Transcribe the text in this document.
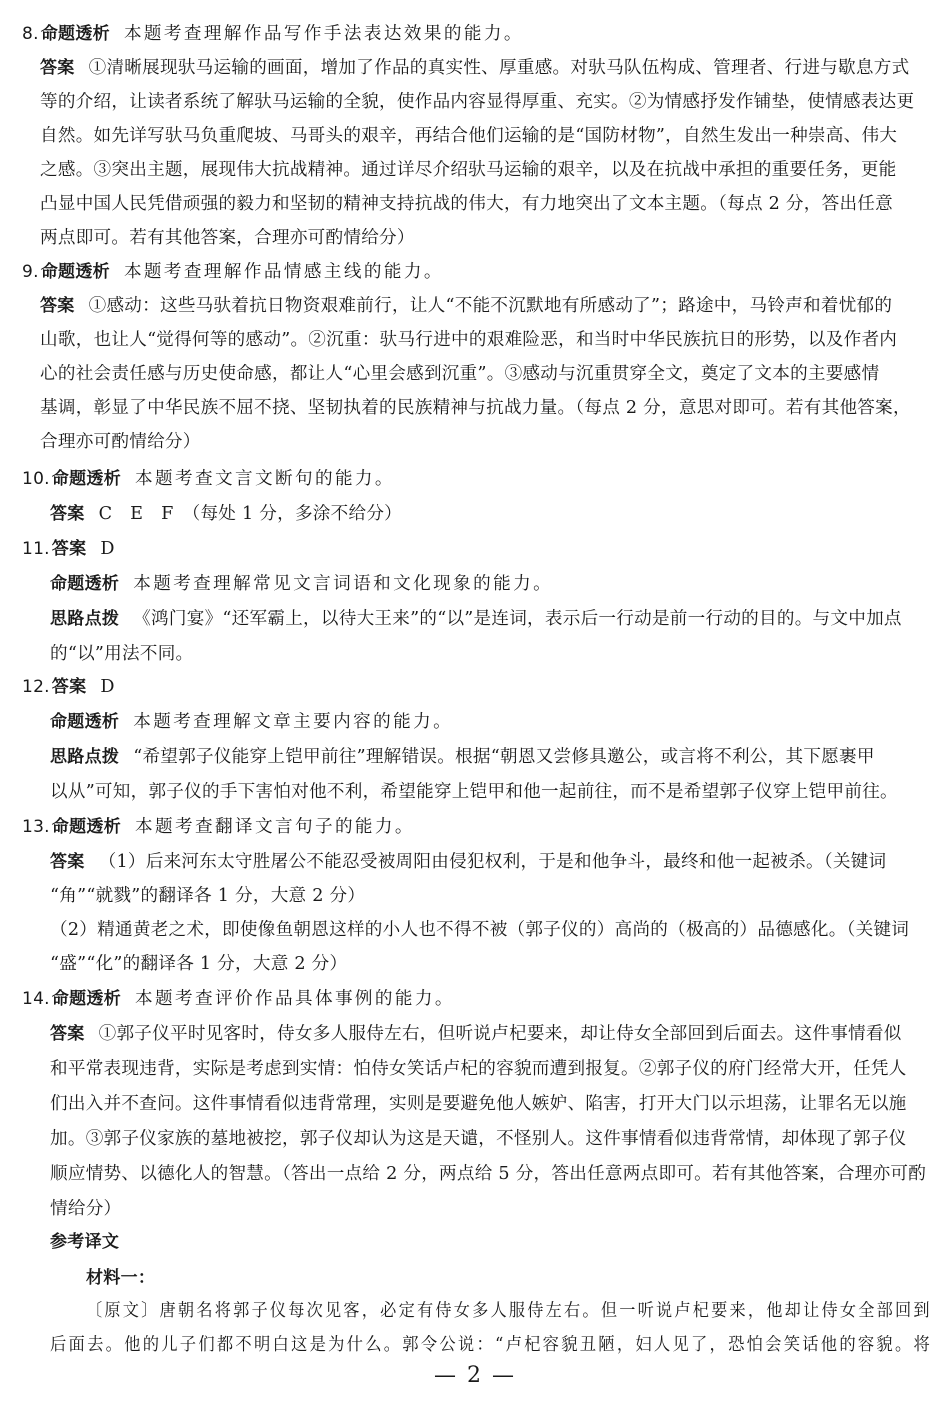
8. 命题透析 本题考查理解作品写作手法表达效果的能力。
答案 ①清晰展现驮马运输的画面，增加了作品的真实性、厚重感。对驮马队伍构成、管理者、行进与歇息方式
等的介绍，让读者系统了解驮马运输的全貌，使作品内容显得厚重、充实。②为情感抒发作铺垫，使情感表达更
自然。如先详写驮马负重爬坡、马哥头的艰辛，再结合他们运输的是“国防材物”，自然生发出一种崇高、伟大
之感。③突出主题，展现伟大抗战精神。通过详尽介绍驮马运输的艰辛，以及在抗战中承担的重要任务，更能
凸显中国人民凭借顽强的毅力和坚韧的精神支持抗战的伟大，有力地突出了文本主题。（每点 2 分，答出任意
两点即可。若有其他答案，合理亦可酌情给分）
9. 命题透析 本题考查理解作品情感主线的能力。
答案 ①感动：这些马驮着抗日物资艰难前行，让人“不能不沉默地有所感动了”；路途中，马铃声和着忧郁的
山歌，也让人“觉得何等的感动”。②沉重：驮马行进中的艰难险恶，和当时中华民族抗日的形势，以及作者内
心的社会责任感与历史使命感，都让人“心里会感到沉重”。③感动与沉重贯穿全文，奠定了文本的主要感情
基调，彰显了中华民族不屈不挠、坚韧执着的民族精神与抗战力量。（每点 2 分，意思对即可。若有其他答案，
合理亦可酌情给分）
10. 命题透析 本题考查文言文断句的能力。
答案 C　E　F　（每处 1 分，多涂不给分）
11. 答案 D
命题透析 本题考查理解常见文言词语和文化现象的能力。
思路点拨 《鸿门宴》“还军霸上，以待大王来”的“以”是连词，表示后一行动是前一行动的目的。与文中加点
的“以”用法不同。
12. 答案 D
命题透析 本题考查理解文章主要内容的能力。
思路点拨 “希望郭子仪能穿上铠甲前往”理解错误。根据“朝恩又尝修具邀公，或言将不利公，其下愿裹甲
以从”可知，郭子仪的手下害怕对他不利，希望能穿上铠甲和他一起前往，而不是希望郭子仪穿上铠甲前往。
13. 命题透析 本题考查翻译文言句子的能力。
答案 （1）后来河东太守胜屠公不能忍受被周阳由侵犯权利，于是和他争斗，最终和他一起被杀。（关键词
“角”“就戮”的翻译各 1 分，大意 2 分）
（2）精通黄老之术，即使像鱼朝恩这样的小人也不得不被（郭子仪的）高尚的（极高的）品德感化。（关键词
“盛”“化”的翻译各 1 分，大意 2 分）
14. 命题透析 本题考查评价作品具体事例的能力。
答案 ①郭子仪平时见客时，侍女多人服侍左右，但听说卢杞要来，却让侍女全部回到后面去。这件事情看似
和平常表现违背，实际是考虑到实情：怕侍女笑话卢杞的容貌而遭到报复。②郭子仪的府门经常大开，任凭人
们出入并不查问。这件事情看似违背常理，实则是要避免他人嫉妒、陷害，打开大门以示坦荡，让罪名无以施
加。③郭子仪家族的墓地被挖，郭子仪却认为这是天谴，不怪别人。这件事情看似违背常情，却体现了郭子仪
顺应情势、以德化人的智慧。（答出一点给 2 分，两点给 5 分，答出任意两点即可。若有其他答案，合理亦可酌
情给分）
参考译文
材料一：
〔原文〕唐朝名将郭子仪每次见客，必定有侍女多人服侍左右。但一听说卢杞要来，他却让侍女全部回到
后面去。他的儿子们都不明白这是为什么。郭令公说：“卢杞容貌丑陋，妇人见了，恐怕会笑话他的容貌。将
— 2 —
